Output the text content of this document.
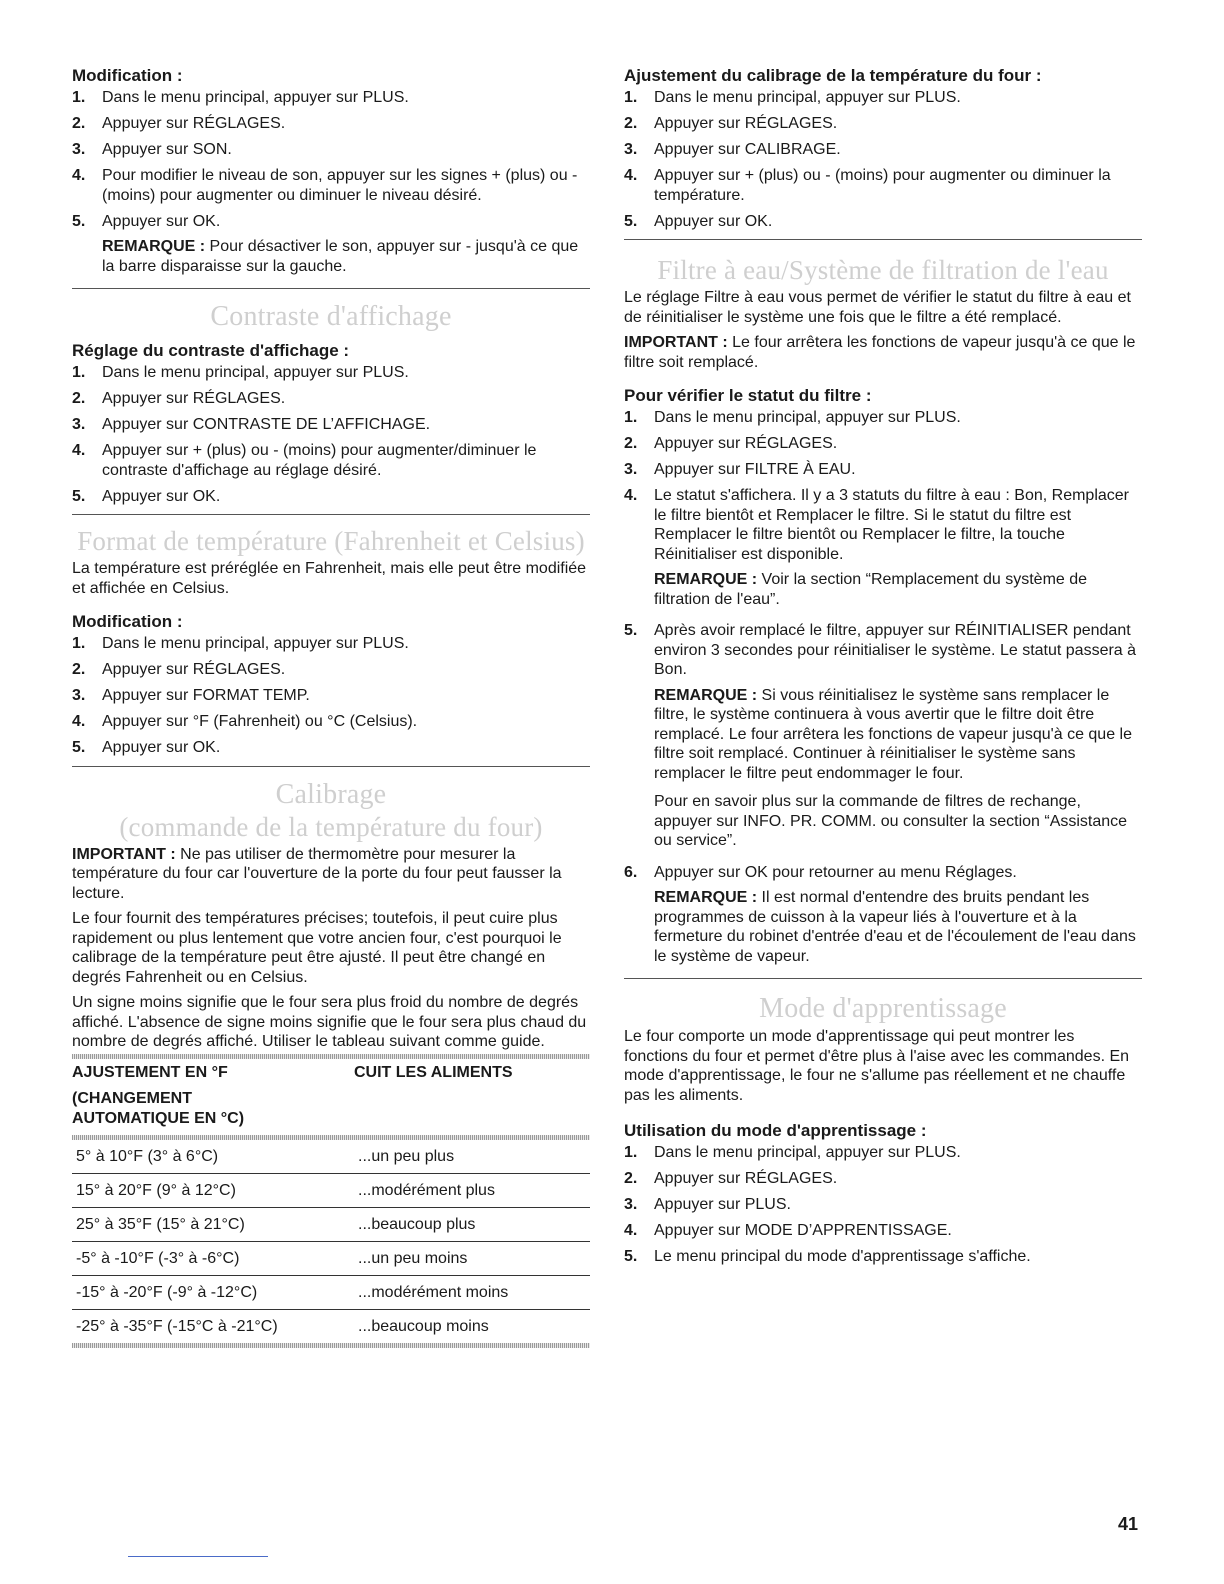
Modification :
1. Dans le menu principal, appuyer sur PLUS.
2. Appuyer sur RÉGLAGES.
3. Appuyer sur SON.
4. Pour modifier le niveau de son, appuyer sur les signes + (plus) ou - (moins) pour augmenter ou diminuer le niveau désiré.
5. Appuyer sur OK.

REMARQUE : Pour désactiver le son, appuyer sur - jusqu'à ce que la barre disparaisse sur la gauche.

Contraste d'affichage
Réglage du contraste d'affichage :
1. Dans le menu principal, appuyer sur PLUS.
2. Appuyer sur RÉGLAGES.
3. Appuyer sur CONTRASTE DE L’AFFICHAGE.
4. Appuyer sur + (plus) ou - (moins) pour augmenter/diminuer le contraste d'affichage au réglage désiré.
5. Appuyer sur OK.
Format de température (Fahrenheit et Celsius)

La température est préréglée en Fahrenheit, mais elle peut être modifiée et affichée en Celsius.

Modification :
1. Dans le menu principal, appuyer sur PLUS.
2. Appuyer sur RÉGLAGES.
3. Appuyer sur FORMAT TEMP.
4. Appuyer sur °F (Fahrenheit) ou °C (Celsius).
5. Appuyer sur OK.
Calibrage
(commande de la température du four)

IMPORTANT : Ne pas utiliser de thermomètre pour mesurer la température du four car l'ouverture de la porte du four peut fausser la lecture.

Le four fournit des températures précises; toutefois, il peut cuire plus rapidement ou plus lentement que votre ancien four, c'est pourquoi le calibrage de la température peut être ajusté. Il peut être changé en degrés Fahrenheit ou en Celsius.

Un signe moins signifie que le four sera plus froid du nombre de degrés affiché. L'absence de signe moins signifie que le four sera plus chaud du nombre de degrés affiché. Utiliser le tableau suivant comme guide.

AJUSTEMENT EN °F
(CHANGEMENT
AUTOMATIQUE EN °C)	CUIT LES ALIMENTS

5° à 10°F (3° à 6°C)	...un peu plus
15° à 20°F (9° à 12°C)	...modérément plus
25° à 35°F (15° à 21°C)	...beaucoup plus
-5° à -10°F (-3° à -6°C)	...un peu moins
-15° à -20°F (-9° à -12°C)	...modérément moins
-25° à -35°F (-15°C à -21°C)	...beaucoup moins
Ajustement du calibrage de la température du four :
1. Dans le menu principal, appuyer sur PLUS.
2. Appuyer sur RÉGLAGES.
3. Appuyer sur CALIBRAGE.
4. Appuyer sur + (plus) ou - (moins) pour augmenter ou diminuer la température.
5. Appuyer sur OK.
Filtre à eau/Système de filtration de l'eau

Le réglage Filtre à eau vous permet de vérifier le statut du filtre à eau et de réinitialiser le système une fois que le filtre a été remplacé.

IMPORTANT : Le four arrêtera les fonctions de vapeur jusqu'à ce que le filtre soit remplacé.

Pour vérifier le statut du filtre :
1. Dans le menu principal, appuyer sur PLUS.
2. Appuyer sur RÉGLAGES.
3. Appuyer sur FILTRE À EAU.
4. Le statut s'affichera. Il y a 3 statuts du filtre à eau : Bon, Remplacer le filtre bientôt et Remplacer le filtre. Si le statut du filtre est Remplacer le filtre bientôt ou Remplacer le filtre, la touche Réinitialiser est disponible.

REMARQUE : Voir la section “Remplacement du système de filtration de l'eau”.

5. Après avoir remplacé le filtre, appuyer sur RÉINITIALISER pendant environ 3 secondes pour réinitialiser le système. Le statut passera à Bon.

REMARQUE : Si vous réinitialisez le système sans remplacer le filtre, le système continuera à vous avertir que le filtre doit être remplacé. Le four arrêtera les fonctions de vapeur jusqu'à ce que le filtre soit remplacé. Continuer à réinitialiser le système sans remplacer le filtre peut endommager le four.

Pour en savoir plus sur la commande de filtres de rechange, appuyer sur INFO. PR. COMM. ou consulter la section “Assistance ou service”.

6. Appuyer sur OK pour retourner au menu Réglages.

REMARQUE : Il est normal d'entendre des bruits pendant les programmes de cuisson à la vapeur liés à l'ouverture et à la fermeture du robinet d'entrée d'eau et de l'écoulement de l'eau dans le système de vapeur.

Mode d'apprentissage

Le four comporte un mode d'apprentissage qui peut montrer les fonctions du four et permet d'être plus à l'aise avec les commandes. En mode d'apprentissage, le four ne s'allume pas réellement et ne chauffe pas les aliments.

Utilisation du mode d'apprentissage :
1. Dans le menu principal, appuyer sur PLUS.
2. Appuyer sur RÉGLAGES.
3. Appuyer sur PLUS.
4. Appuyer sur MODE D’APPRENTISSAGE.
5. Le menu principal du mode d'apprentissage s'affiche.
41
